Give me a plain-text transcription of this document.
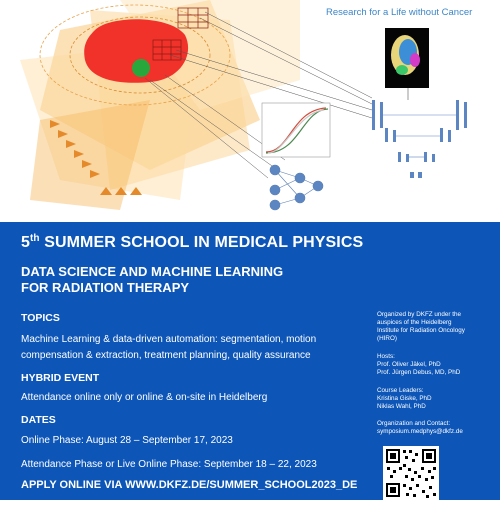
Research for a Life without Cancer
5th SUMMER SCHOOL IN MEDICAL PHYSICS
DATA SCIENCE AND MACHINE LEARNING
FOR RADIATION THERAPY
TOPICS
Machine Learning & data-driven automation: segmentation, motion
compensation & extraction, treatment planning, quality assurance
HYBRID EVENT
Attendance online only or online & on-site in Heidelberg
DATES
Online Phase: August 28 – September 17, 2023
Attendance Phase or Live Online Phase: September 18 – 22, 2023
APPLY ONLINE VIA WWW.DKFZ.DE/SUMMER_SCHOOL2023_DE
Organized by DKFZ under the
auspices of the Heidelberg
Institute for Radiation Oncology
(HIRO)
Hosts:
Prof. Oliver Jäkel, PhD
Prof. Jürgen Debus, MD, PhD
Course Leaders:
Kristina Giske, PhD
Niklas Wahl, PhD
Organization and Contact:
symposium.medphys@dkfz.de
